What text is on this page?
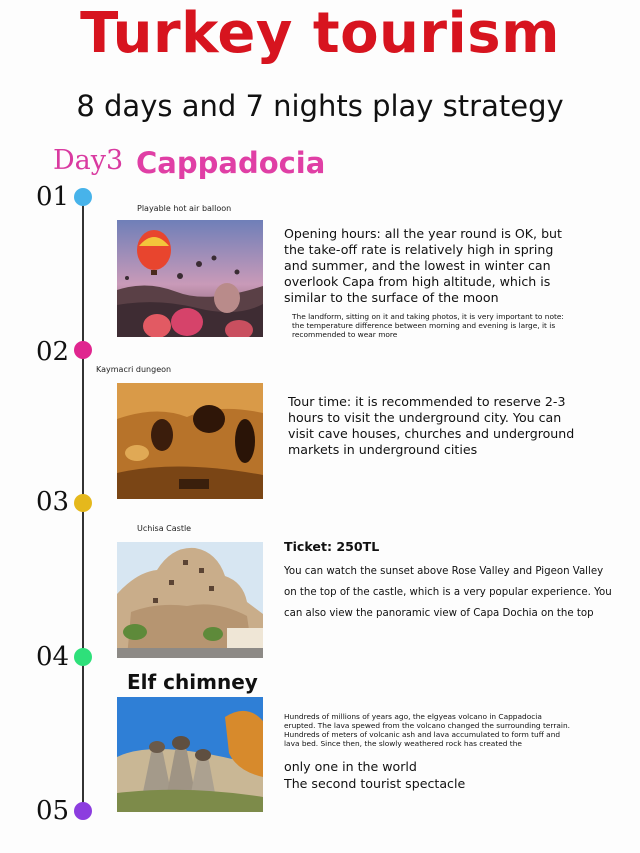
Turkey tourism
8 days and 7 nights play strategy
Day3 Cappadocia
01
02
03
04
05
Playable hot air balloon
Opening hours: all the year round is OK, but the take-off rate is relatively high in spring and summer, and the lowest in winter can overlook Capa from high altitude, which is similar to the surface of the moon
The landform, sitting on it and taking photos, it is very important to note: the temperature difference between morning and evening is large, it is recommended to wear more
Kaymacri dungeon
Tour time: it is recommended to reserve 2-3 hours to visit the underground city. You can visit cave houses, churches and underground markets in underground cities
Uchisa Castle
Ticket: 250TL
You can watch the sunset above Rose Valley and Pigeon Valley on the top of the castle, which is a very popular experience. You can also view the panoramic view of Capa Dochia on the top
Elf chimney
Hundreds of millions of years ago, the elgyeas volcano in Cappadocia erupted. The lava spewed from the volcano changed the surrounding terrain. Hundreds of meters of volcanic ash and lava accumulated to form tuff and lava bed. Since then, the slowly weathered rock has created the
only one in the world
The second tourist spectacle
